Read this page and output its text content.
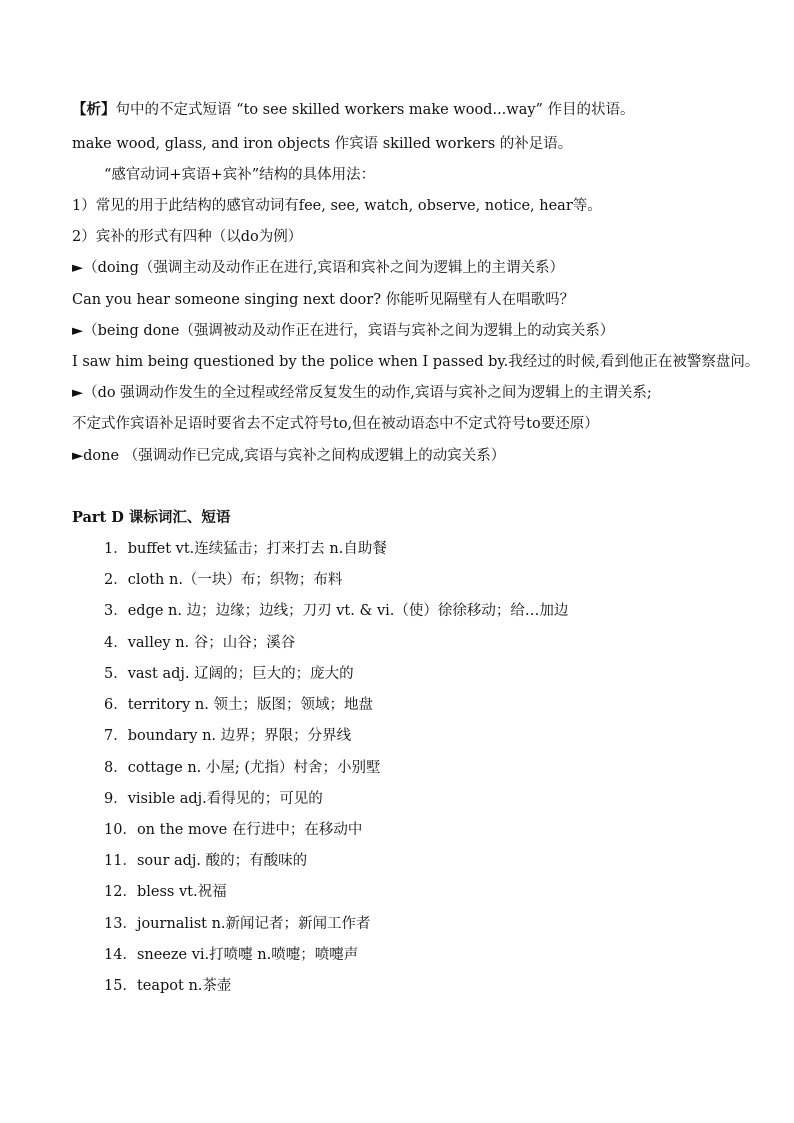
【析】句中的不定式短语 “to see skilled workers make wood...way” 作目的状语。
make wood, glass, and iron objects 作宾语 skilled workers 的补足语。
“感官动词+宾语+宾补”结构的具体用法：
1）常见的用于此结构的感官动词有fee, see, watch, observe, notice, hear等。
2）宾补的形式有四种（以do为例）
►（doing（强调主动及动作正在进行,宾语和宾补之间为逻辑上的主谓关系）
Can you hear someone singing next door? 你能听见隔壁有人在唱歌吗？
►（being done（强调被动及动作正在进行，宾语与宾补之间为逻辑上的动宾关系）
I saw him being questioned by the police when I passed by.我经过的时候,看到他正在被警察盘问。
►（do 强调动作发生的全过程或经常反复发生的动作,宾语与宾补之间为逻辑上的主谓关系;
不定式作宾语补足语时要省去不定式符号to,但在被动语态中不定式符号to要还原）
►done （强调动作已完成,宾语与宾补之间构成逻辑上的动宾关系）
Part D 课标词汇、短语
1．buffet vt.连续猛击；打来打去 n.自助餐
2．cloth n.（一块）布；织物；布料
3．edge n. 边；边缘；边线；刀刃 vt. & vi.（使）徐徐移动；给…加边
4．valley n. 谷；山谷；溪谷
5．vast adj. 辽阔的；巨大的；庞大的
6．territory n. 领土；版图；领域；地盘
7．boundary n. 边界；界限；分界线
8．cottage n. 小屋; (尤指）村舍；小别墅
9．visible adj.看得见的；可见的
10．on the move 在行进中；在移动中
11．sour adj. 酸的；有酸味的
12．bless vt.祝福
13．journalist n.新闻记者；新闻工作者
14．sneeze vi.打喷嚏 n.喷嚏；喷嚏声
15．teapot n.茶壶
